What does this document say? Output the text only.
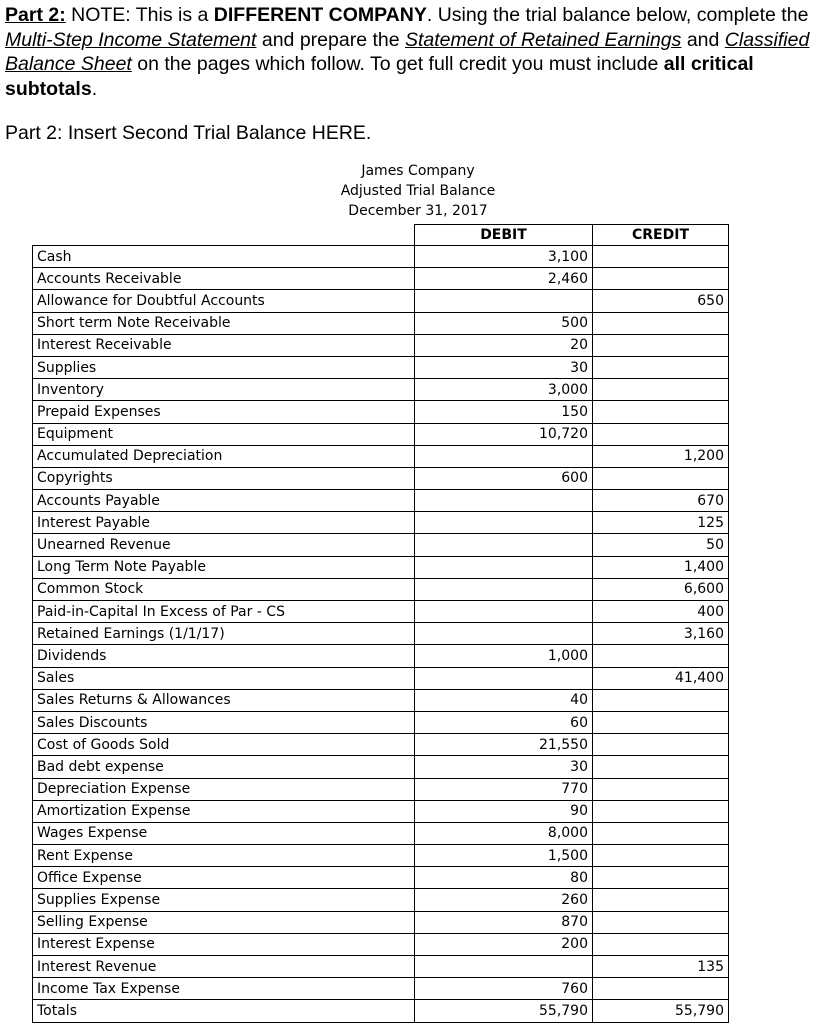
Part 2: NOTE: This is a DIFFERENT COMPANY. Using the trial balance below, complete the Multi-Step Income Statement and prepare the Statement of Retained Earnings and Classified Balance Sheet on the pages which follow. To get full credit you must include all critical subtotals.
Part 2: Insert Second Trial Balance HERE.
James Company
Adjusted Trial Balance
December 31, 2017
	DEBIT	CREDIT
Cash	3,100	
Accounts Receivable	2,460	
Allowance for Doubtful Accounts		650
Short term Note Receivable	500	
Interest Receivable	20	
Supplies	30	
Inventory	3,000	
Prepaid Expenses	150	
Equipment	10,720	
Accumulated Depreciation		1,200
Copyrights	600	
Accounts Payable		670
Interest Payable		125
Unearned Revenue		50
Long Term Note Payable		1,400
Common Stock		6,600
Paid-in-Capital In Excess of Par - CS		400
Retained Earnings (1/1/17)		3,160
Dividends	1,000	
Sales		41,400
Sales Returns & Allowances	40	
Sales Discounts	60	
Cost of Goods Sold	21,550	
Bad debt expense	30	
Depreciation Expense	770	
Amortization Expense	90	
Wages Expense	8,000	
Rent Expense	1,500	
Office Expense	80	
Supplies Expense	260	
Selling Expense	870	
Interest Expense	200	
Interest Revenue		135
Income Tax Expense	760	
Totals	55,790	55,790
